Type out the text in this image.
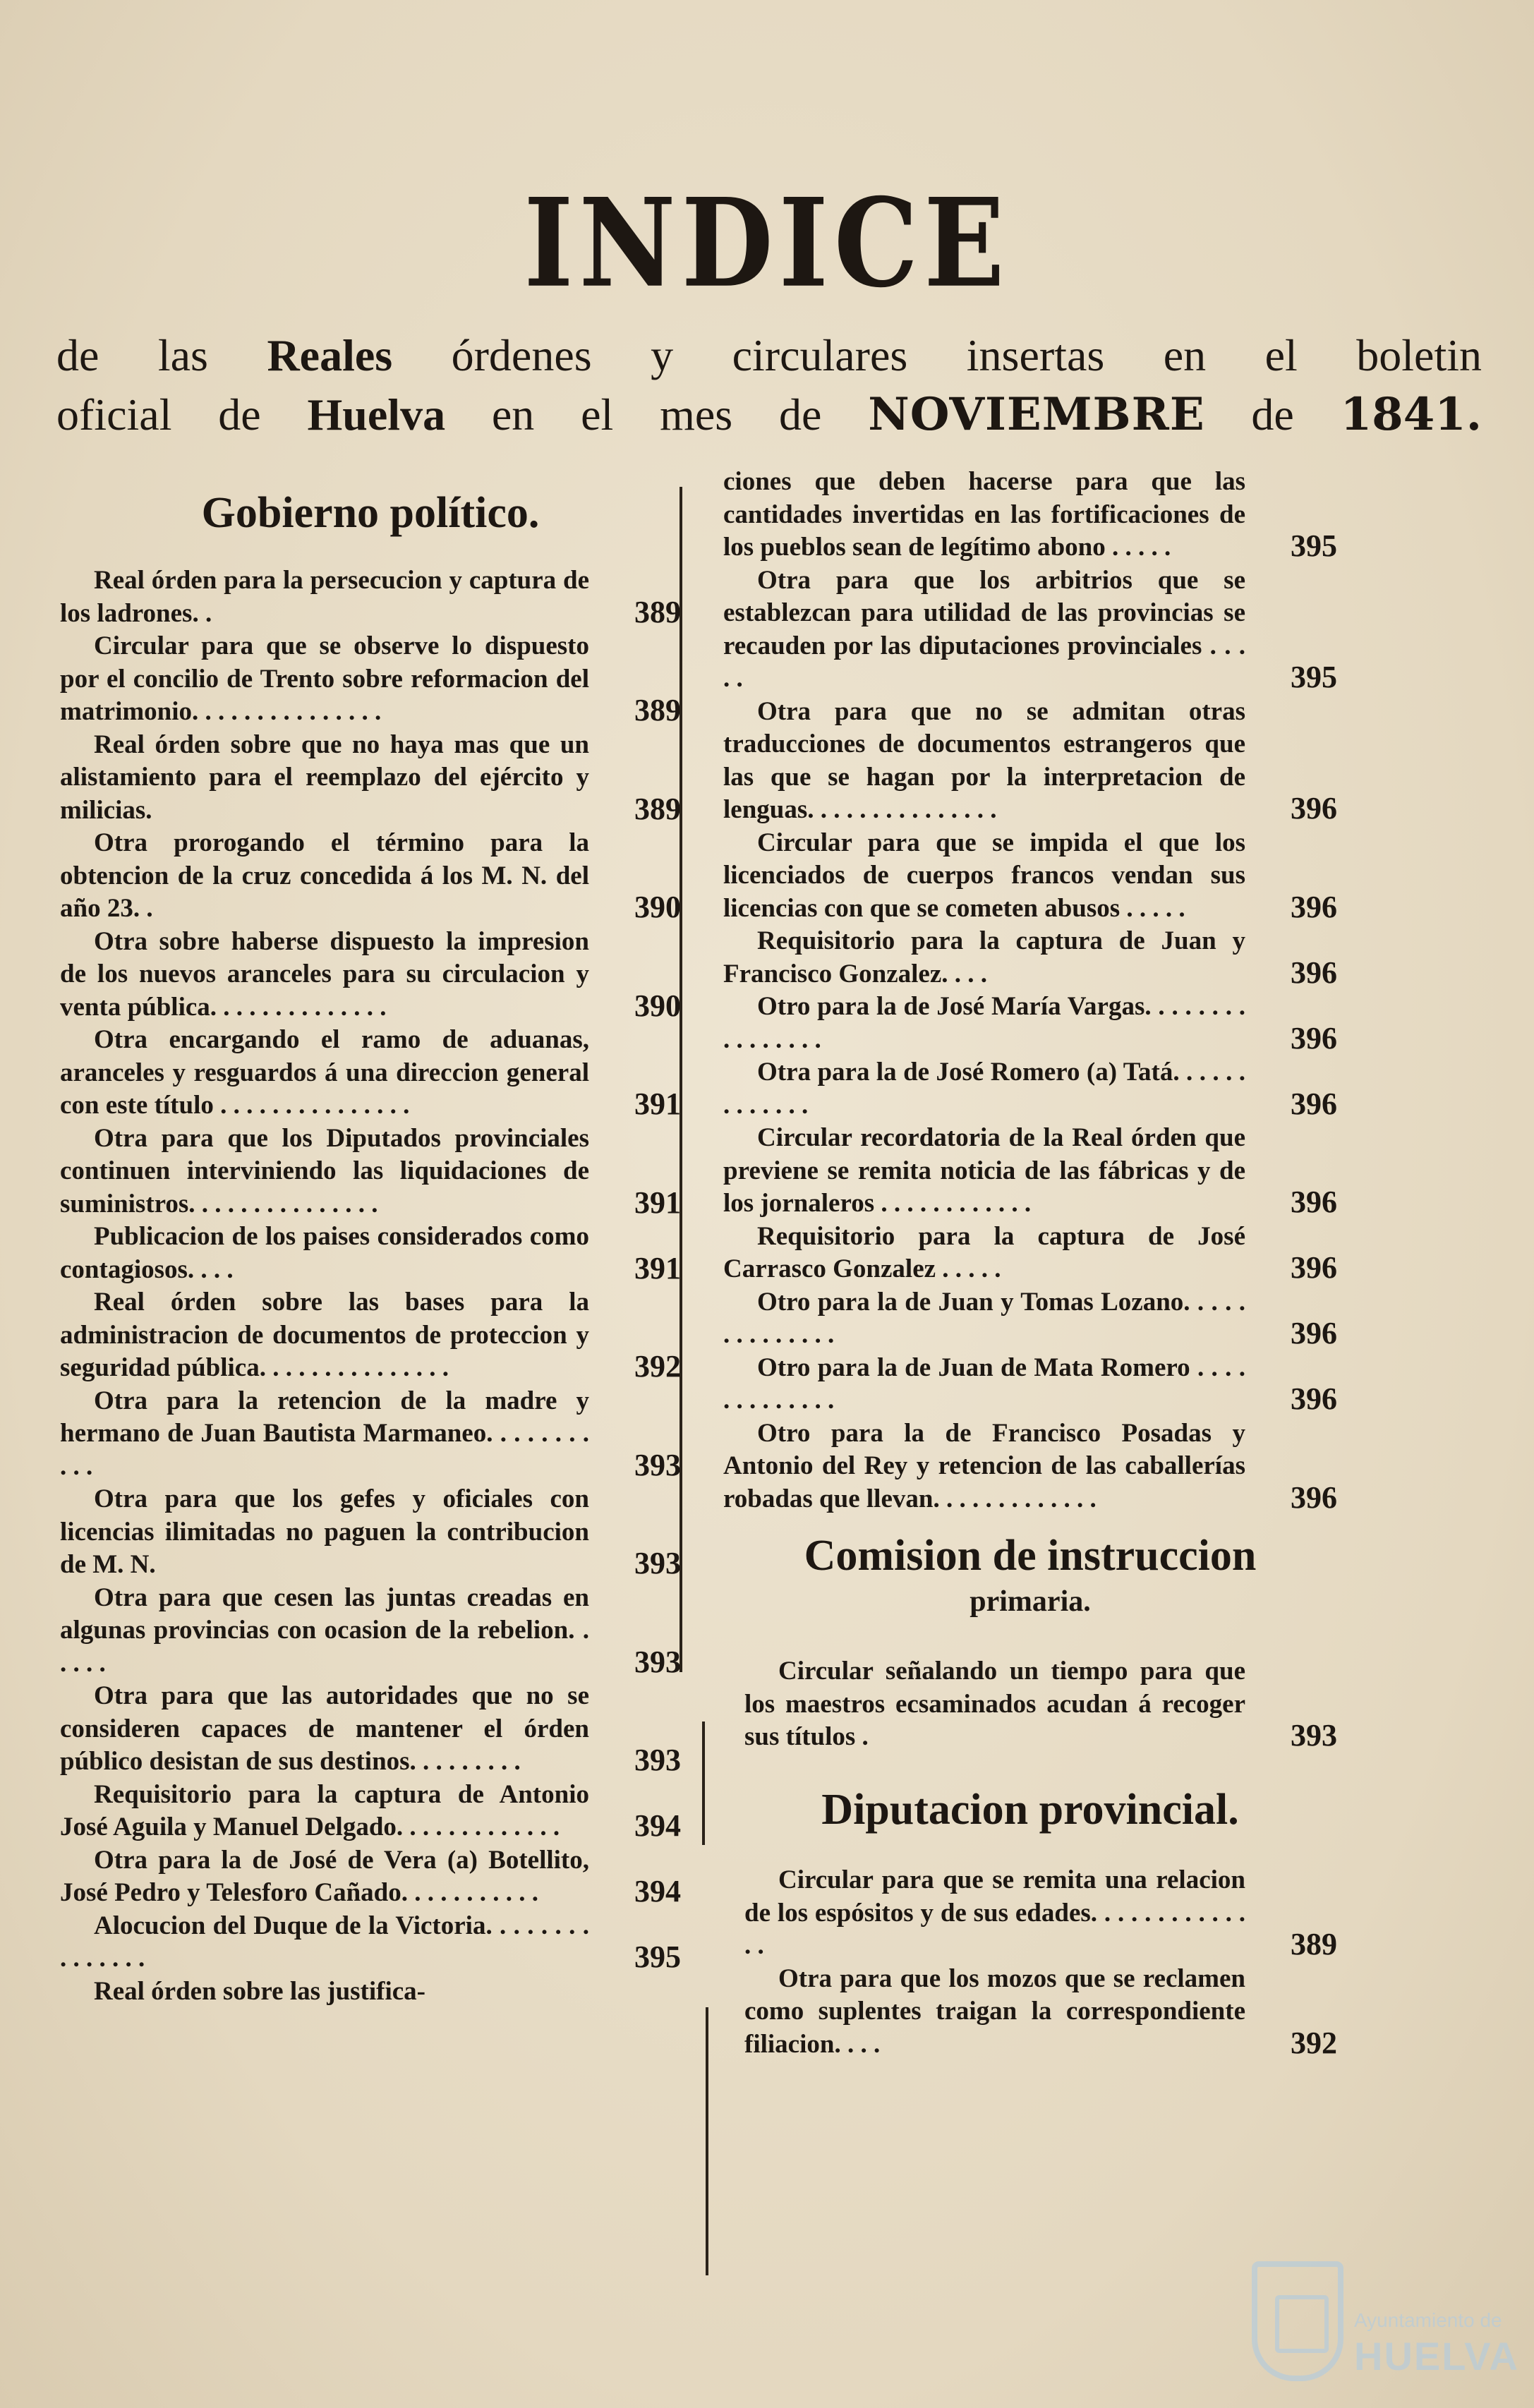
INDICE
de las Reales órdenes y circulares insertas en el boletin
oficial de Huelva en el mes de NOVIEMBRE de 1841.
Gobierno político.
Real órden para la persecucion y captura de los ladrones. .	389
Circular para que se observe lo dispuesto por el concilio de Trento sobre reformacion del matrimonio. . . . . . . . . . . . . . .	389
Real órden sobre que no haya mas que un alistamiento para el reemplazo del ejército y milicias.	389
Otra prorogando el término para la obtencion de la cruz concedida á los M. N. del año 23. .	390
Otra sobre haberse dispuesto la impresion de los nuevos aranceles para su circulacion y venta pública. . . . . . . . . . . . . .	390
Otra encargando el ramo de aduanas, aranceles y resguardos á una direccion general con este título . . . . . . . . . . . . . . .	391
Otra para que los Diputados provinciales continuen interviniendo las liquidaciones de suministros. . . . . . . . . . . . . . .	391
Publicacion de los paises considerados como contagiosos. . . .	391
Real órden sobre las bases para la administracion de documentos de proteccion y seguridad pública. . . . . . . . . . . . . . .	392
Otra para la retencion de la madre y hermano de Juan Bautista Marmaneo. . . . . . . . . . .	393
Otra para que los gefes y oficiales con licencias ilimitadas no paguen la contribucion de M. N.	393
Otra para que cesen las juntas creadas en algunas provincias con ocasion de la rebelion. . . . . .	393
Otra para que las autoridades que no se consideren capaces de mantener el órden público desistan de sus destinos. . . . . . . . .	393
Requisitorio para la captura de Antonio José Aguila y Manuel Delgado. . . . . . . . . . . . . 394
Otra para la de José de Vera (a) Botellito, José Pedro y Telesforo Cañado. . . . . . . . . . .	394
Alocucion del Duque de la Victoria. . . . . . . . . . . . . . .	395
Real órden sobre las justifica-
ciones que deben hacerse para que las cantidades invertidas en las fortificaciones de los pueblos sean de legítimo abono . . . . .	395
Otra para que los arbitrios que se establezcan para utilidad de las provincias se recauden por las diputaciones provinciales . . . . .	395
Otra para que no se admitan otras traducciones de documentos estrangeros que las que se hagan por la interpretacion de lenguas. . . . . . . . . . . . . . .	396
Circular para que se impida el que los licenciados de cuerpos francos vendan sus licencias con que se cometen abusos . . . . .	396
Requisitorio para la captura de Juan y Francisco Gonzalez. . . .	396
Otro para la de José María Vargas. . . . . . . . . . . . . . . .	396
Otra para la de José Romero (a) Tatá. . . . . . . . . . . . .	396
Circular recordatoria de la Real órden que previene se remita noticia de las fábricas y de los jornaleros . . . . . . . . . . . .	396
Requisitorio para la captura de José Carrasco Gonzalez . . . . .	396
Otro para la de Juan y Tomas Lozano. . . . . . . . . . . . . .	396
Otro para la de Juan de Mata Romero . . . . . . . . . . . . .	396
Otro para la de Francisco Posadas y Antonio del Rey y retencion de las caballerías robadas que llevan. . . . . . . . . . . . .	396
Comision de instruccion
primaria.
Circular señalando un tiempo para que los maestros ecsaminados acudan á recoger sus títulos .	393
Diputacion provincial.
Circular para que se remita una relacion de los espósitos y de sus edades. . . . . . . . . . . . . .	389
Otra para que los mozos que se reclamen como suplentes traigan la correspondiente filiacion. . . .	392
Ayuntamiento de
HUELVA
